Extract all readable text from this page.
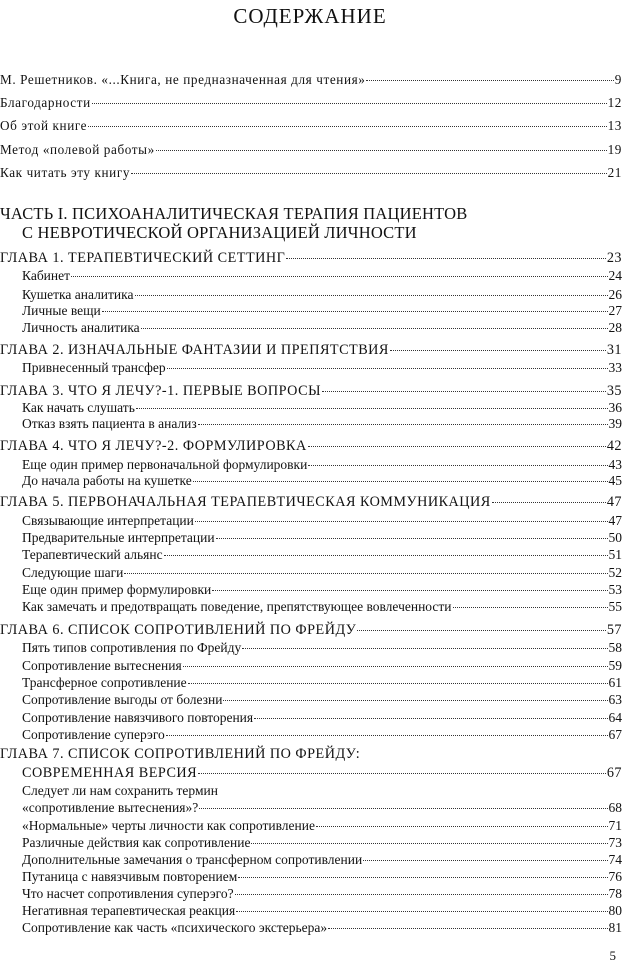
СОДЕРЖАНИЕ
М. Решетников. «...Книга, не предназначенная для чтения»	9
Благодарности	12
Об этой книге	13
Метод «полевой работы»	19
Как читать эту книгу	21
ЧАСТЬ I. ПСИХОАНАЛИТИЧЕСКАЯ ТЕРАПИЯ ПАЦИЕНТОВ
С НЕВРОТИЧЕСКОЙ ОРГАНИЗАЦИЕЙ ЛИЧНОСТИ
ГЛАВА 1. ТЕРАПЕВТИЧЕСКИЙ СЕТТИНГ	23
Кабинет	24
Кушетка аналитика	26
Личные вещи	27
Личность аналитика	28
ГЛАВА 2. ИЗНАЧАЛЬНЫЕ ФАНТАЗИИ И ПРЕПЯТСТВИЯ	31
Привнесенный трансфер	33
ГЛАВА 3. ЧТО Я ЛЕЧУ?-1. ПЕРВЫЕ ВОПРОСЫ	35
Как начать слушать	36
Отказ взять пациента в анализ	39
ГЛАВА 4. ЧТО Я ЛЕЧУ?-2. ФОРМУЛИРОВКА	42
Еще один пример первоначальной формулировки	43
До начала работы на кушетке	45
ГЛАВА 5. ПЕРВОНАЧАЛЬНАЯ ТЕРАПЕВТИЧЕСКАЯ КОММУНИКАЦИЯ	47
Связывающие интерпретации	47
Предварительные интерпретации	50
Терапевтический альянс	51
Следующие шаги	52
Еще один пример формулировки	53
Как замечать и предотвращать поведение, препятствующее вовлеченности	55
ГЛАВА 6. СПИСОК СОПРОТИВЛЕНИЙ ПО ФРЕЙДУ	57
Пять типов сопротивления по Фрейду	58
Сопротивление вытеснения	59
Трансферное сопротивление	61
Сопротивление выгоды от болезни	63
Сопротивление навязчивого повторения	64
Сопротивление суперэго	67
ГЛАВА 7. СПИСОК СОПРОТИВЛЕНИЙ ПО ФРЕЙДУ:
СОВРЕМЕННАЯ ВЕРСИЯ	67
Следует ли нам сохранить термин
«сопротивление вытеснения»?	68
«Нормальные» черты личности как сопротивление	71
Различные действия как сопротивление	73
Дополнительные замечания о трансферном сопротивлении	74
Путаница с навязчивым повторением	76
Что насчет сопротивления суперэго?	78
Негативная терапевтическая реакция	80
Сопротивление как часть «психического экстерьера»	81
5
